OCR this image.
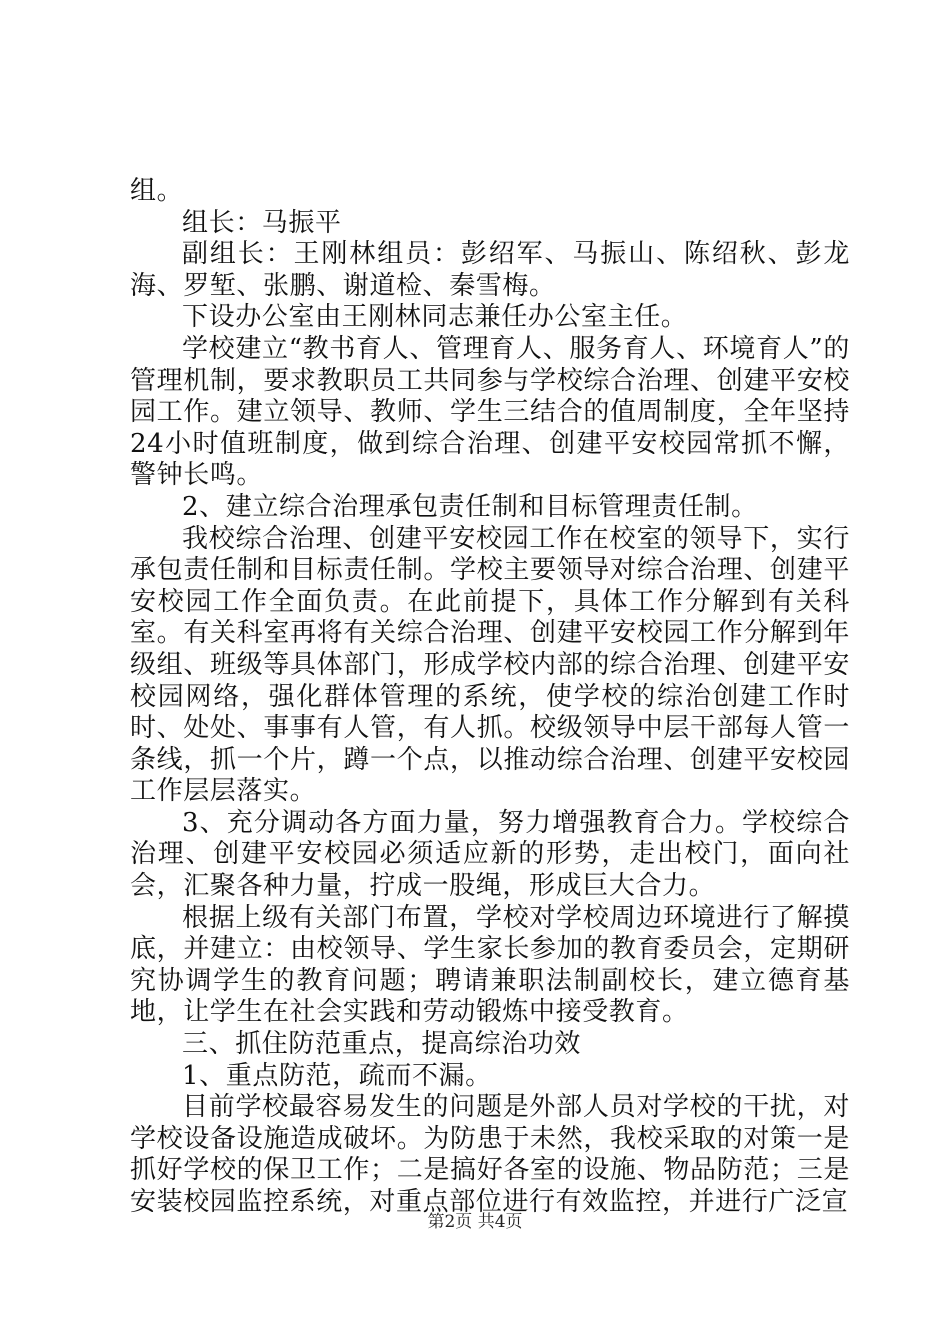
组。

组长：马振平

副组长：王刚林组员：彭绍军、马振山、陈绍秋、彭龙海、罗堑、张鹏、谢道检、秦雪梅。

下设办公室由王刚林同志兼任办公室主任。

学校建立“教书育人、管理育人、服务育人、环境育人”的管理机制，要求教职员工共同参与学校综合治理、创建平安校园工作。建立领导、教师、学生三结合的值周制度，全年坚持24小时值班制度，做到综合治理、创建平安校园常抓不懈，警钟长鸣。

2、建立综合治理承包责任制和目标管理责任制。

我校综合治理、创建平安校园工作在校室的领导下，实行承包责任制和目标责任制。学校主要领导对综合治理、创建平安校园工作全面负责。在此前提下，具体工作分解到有关科室。有关科室再将有关综合治理、创建平安校园工作分解到年级组、班级等具体部门，形成学校内部的综合治理、创建平安校园网络，强化群体管理的系统，使学校的综治创建工作时时、处处、事事有人管，有人抓。校级领导中层干部每人管一条线，抓一个片，蹲一个点，以推动综合治理、创建平安校园工作层层落实。

3、充分调动各方面力量，努力增强教育合力。学校综合治理、创建平安校园必须适应新的形势，走出校门，面向社会，汇聚各种力量，拧成一股绳，形成巨大合力。

根据上级有关部门布置，学校对学校周边环境进行了解摸底，并建立：由校领导、学生家长参加的教育委员会，定期研究协调学生的教育问题；聘请兼职法制副校长，建立德育基地，让学生在社会实践和劳动锻炼中接受教育。

三、抓住防范重点，提高综治功效

1、重点防范，疏而不漏。

目前学校最容易发生的问题是外部人员对学校的干扰，对学校设备设施造成破坏。为防患于未然，我校采取的对策一是抓好学校的保卫工作；二是搞好各室的设施、物品防范；三是安装校园监控系统，对重点部位进行有效监控，并进行广泛宣

第2页 共4页
